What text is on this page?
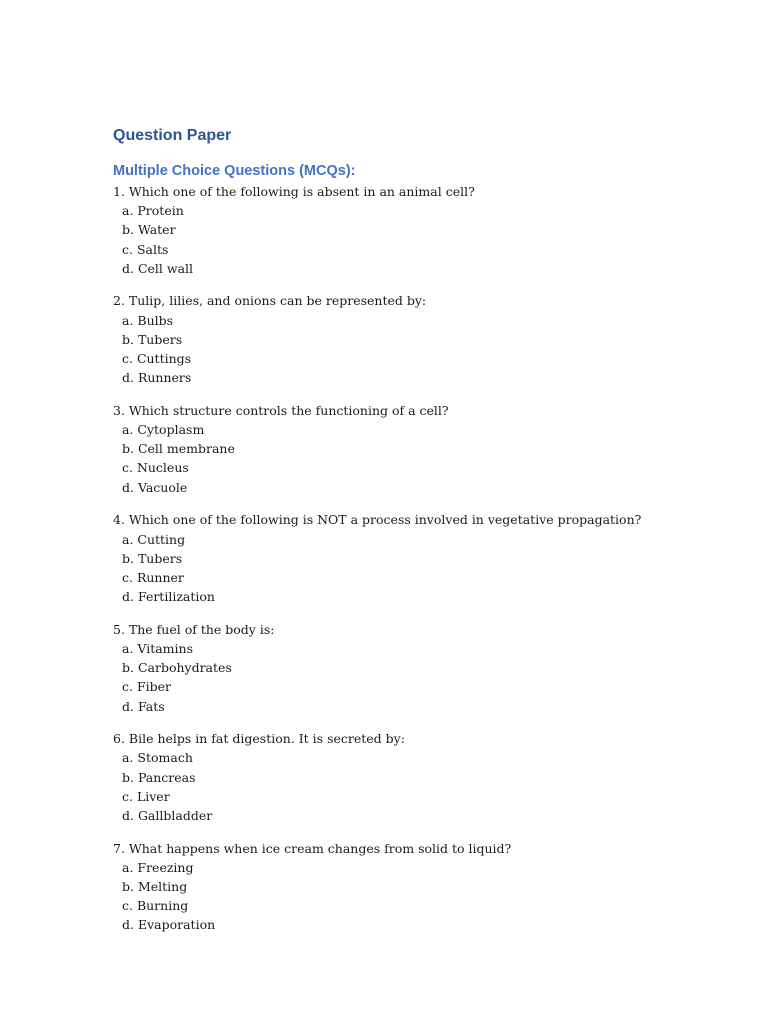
Question Paper
Multiple Choice Questions (MCQs):
1. Which one of the following is absent in an animal cell?
a. Protein
b. Water
c. Salts
d. Cell wall
2. Tulip, lilies, and onions can be represented by:
a. Bulbs
b. Tubers
c. Cuttings
d. Runners
3. Which structure controls the functioning of a cell?
a. Cytoplasm
b. Cell membrane
c. Nucleus
d. Vacuole
4. Which one of the following is NOT a process involved in vegetative propagation?
a. Cutting
b. Tubers
c. Runner
d. Fertilization
5. The fuel of the body is:
a. Vitamins
b. Carbohydrates
c. Fiber
d. Fats
6. Bile helps in fat digestion. It is secreted by:
a. Stomach
b. Pancreas
c. Liver
d. Gallbladder
7. What happens when ice cream changes from solid to liquid?
a. Freezing
b. Melting
c. Burning
d. Evaporation
